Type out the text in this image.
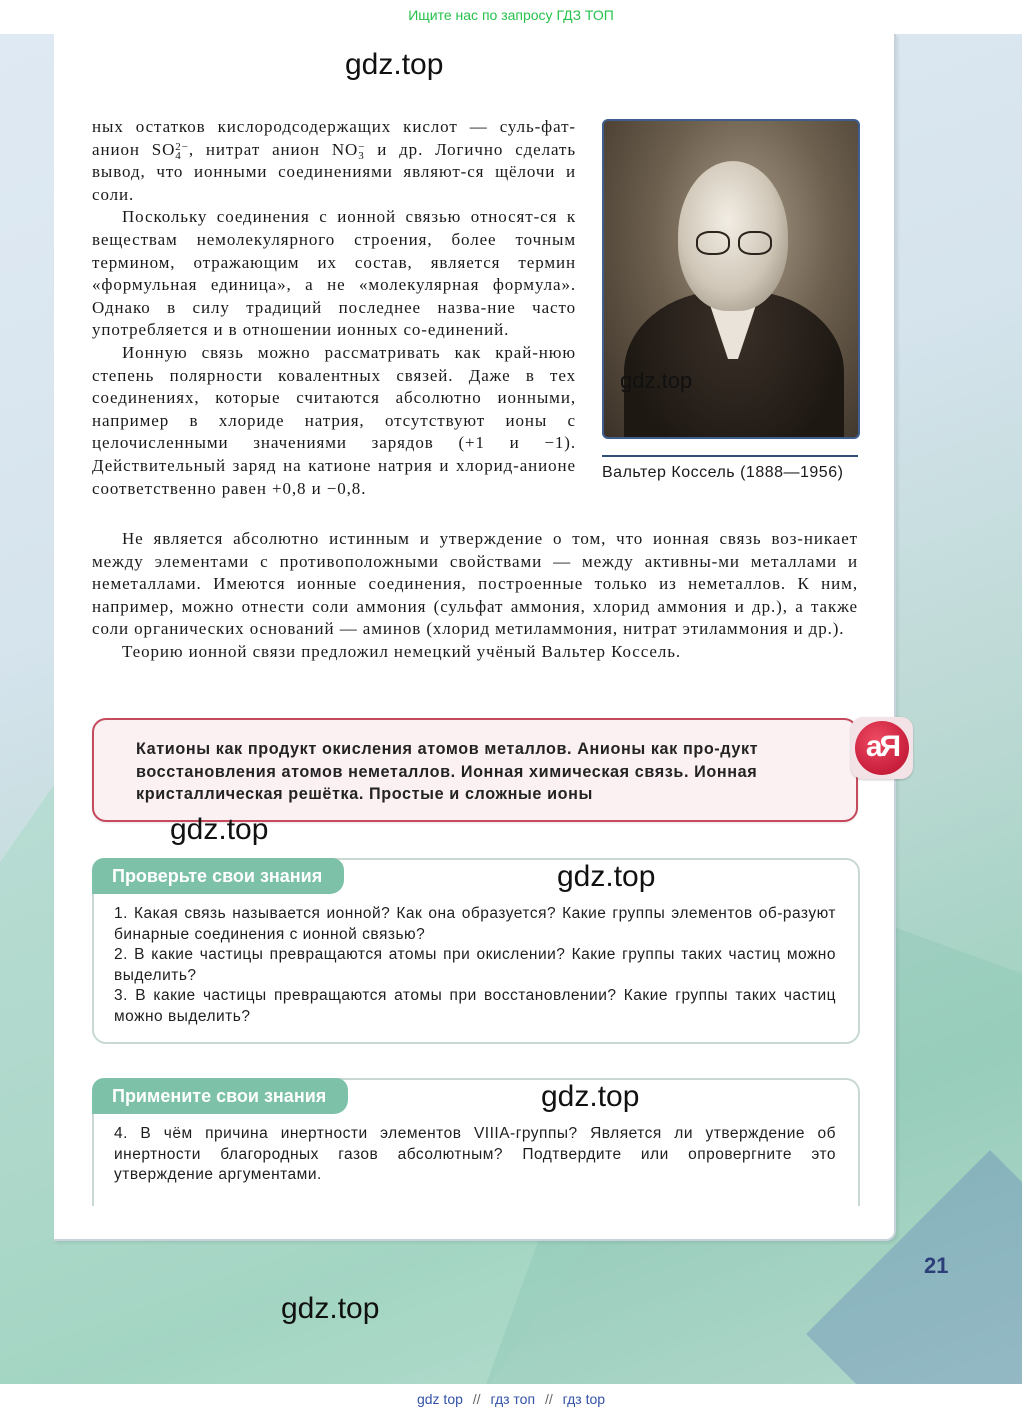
Ищите нас по запросу ГДЗ ТОП

ных остатков кислородсодержащих кислот — суль-фат-анион SO2−
4 , нитрат анион NO−
3 и др. Логично сделать вывод, что ионными соединениями являют-ся щёлочи и соли.

Поскольку соединения с ионной связью относят-ся к веществам немолекулярного строения, более точным термином, отражающим их состав, является термин «формульная единица», а не «молекулярная формула». Однако в силу традиций последнее назва-ние часто употребляется и в отношении ионных со-единений.

Ионную связь можно рассматривать как край-нюю степень полярности ковалентных связей. Даже в тех соединениях, которые считаются абсолютно ионными, например в хлориде натрия, отсутствуют ионы с целочисленными значениями зарядов (+1 и −1). Действительный заряд на катионе натрия и хлорид-анионе соответственно равен +0,8 и −0,8.

Вальтер Коссель (1888—1956)

Не является абсолютно истинным и утверждение о том, что ионная связь воз-никает между элементами с противоположными свойствами — между активны-ми металлами и неметаллами. Имеются ионные соединения, построенные только из неметаллов. К ним, например, можно отнести соли аммония (сульфат аммония, хлорид аммония и др.), а также соли органических оснований — аминов (хлорид метиламмония, нитрат этиламмония и др.).

Теорию ионной связи предложил немецкий учёный Вальтер Коссель.

Катионы как продукт окисления атомов металлов. Анионы как про-дукт восстановления атомов неметаллов. Ионная химическая связь. Ионная кристаллическая решётка. Простые и сложные ионы
аЯ
Проверьте свои знания

1. Какая связь называется ионной? Как она образуется? Какие группы элементов об-разуют бинарные соединения с ионной связью?

2. В какие частицы превращаются атомы при окислении? Какие группы таких частиц можно выделить?

3. В какие частицы превращаются атомы при восстановлении? Какие группы таких частиц можно выделить?

Примените свои знания

4. В чём причина инертности элементов VIIIA-группы? Является ли утверждение об инертности благородных газов абсолютным? Подтвердите или опровергните это утверждение аргументами.

21
gdz.top
gdz.top
gdz.top
gdz.top
gdz.top
gdz.top
gdz top // гдз топ // гдз top
